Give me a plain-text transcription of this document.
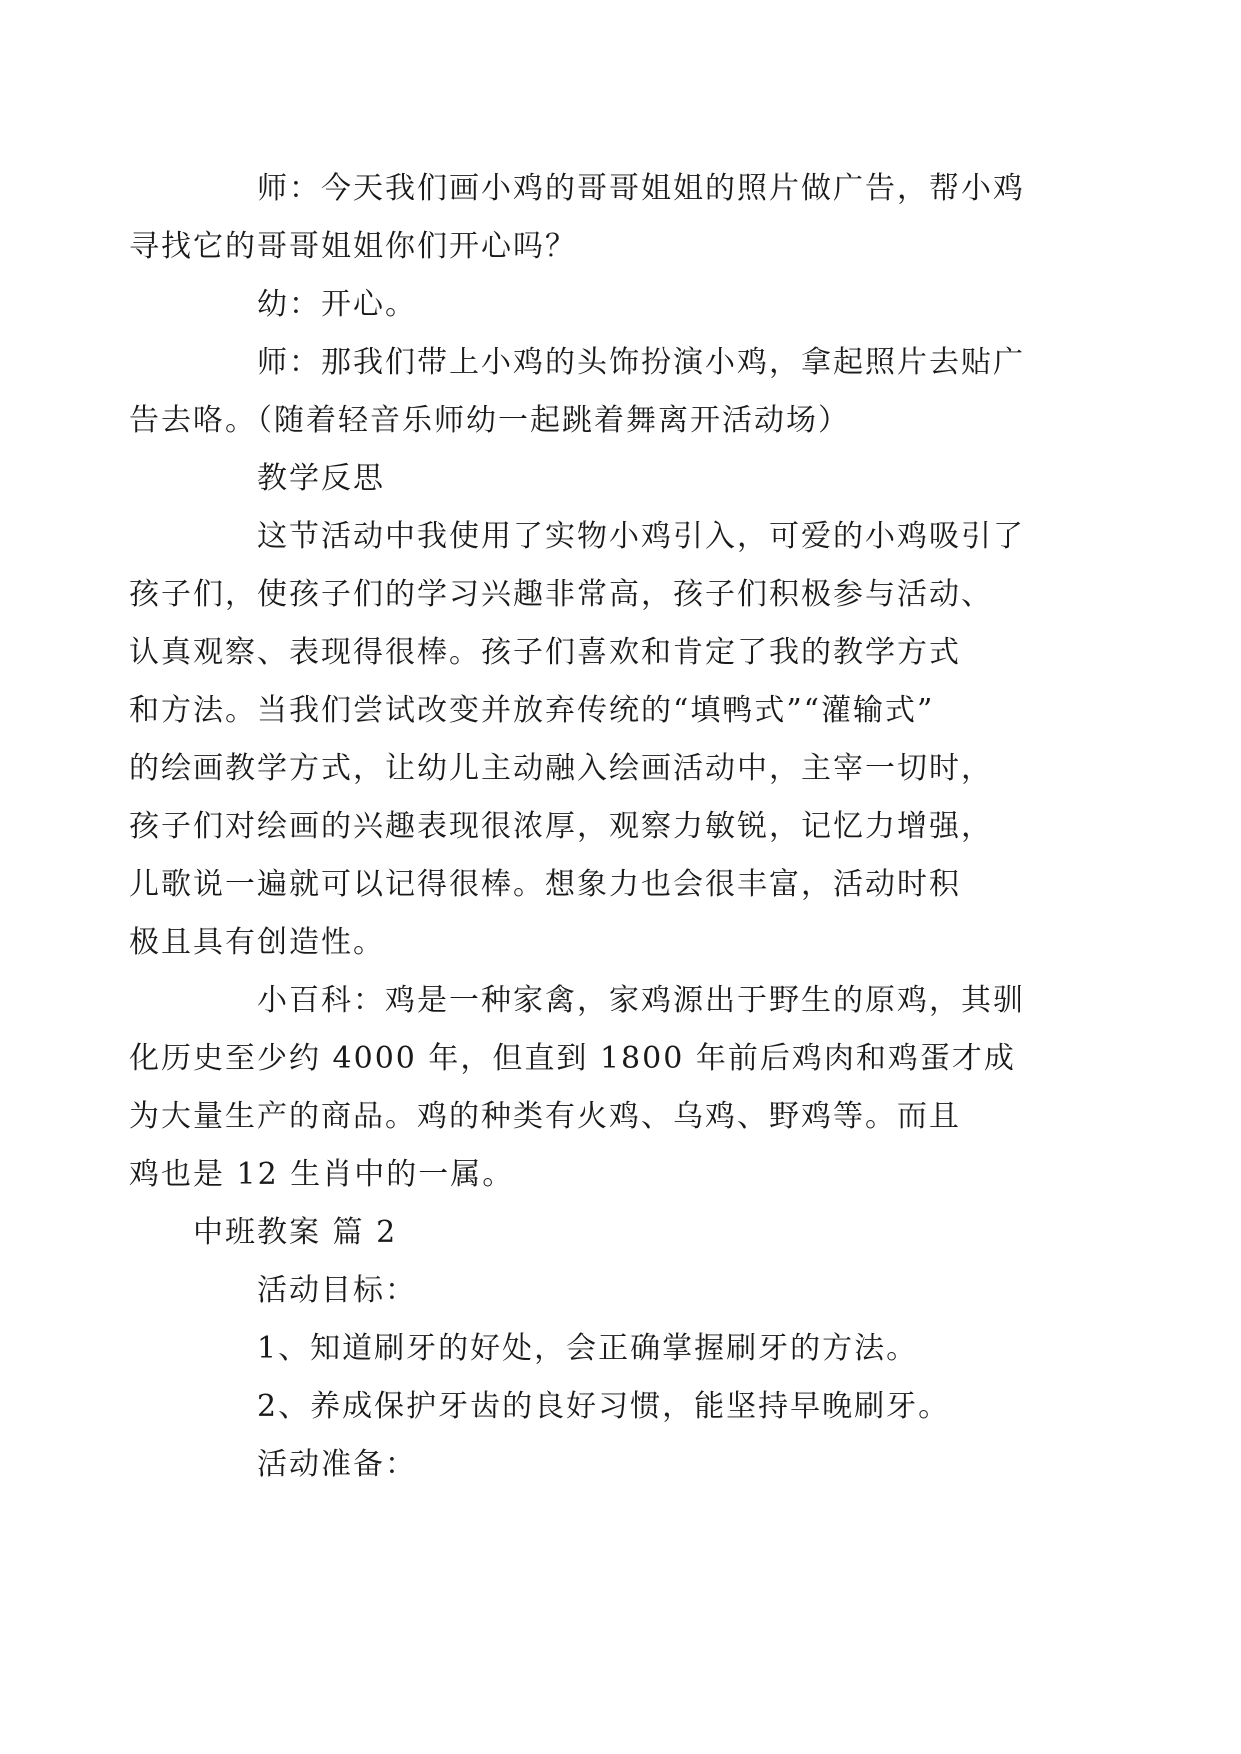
师：今天我们画小鸡的哥哥姐姐的照片做广告，帮小鸡
寻找它的哥哥姐姐你们开心吗？
幼：开心。
师：那我们带上小鸡的头饰扮演小鸡，拿起照片去贴广
告去咯。（随着轻音乐师幼一起跳着舞离开活动场）
教学反思
这节活动中我使用了实物小鸡引入，可爱的小鸡吸引了
孩子们，使孩子们的学习兴趣非常高，孩子们积极参与活动、
认真观察、表现得很棒。孩子们喜欢和肯定了我的教学方式
和方法。当我们尝试改变并放弃传统的“填鸭式”“灌输式”
的绘画教学方式，让幼儿主动融入绘画活动中，主宰一切时，
孩子们对绘画的兴趣表现很浓厚，观察力敏锐，记忆力增强，
儿歌说一遍就可以记得很棒。想象力也会很丰富，活动时积
极且具有创造性。
小百科：鸡是一种家禽，家鸡源出于野生的原鸡，其驯
化历史至少约 4000 年，但直到 1800 年前后鸡肉和鸡蛋才成
为大量生产的商品。鸡的种类有火鸡、乌鸡、野鸡等。而且
鸡也是 12 生肖中的一属。
中班教案 篇 2
活动目标：
1、知道刷牙的好处，会正确掌握刷牙的方法。
2、养成保护牙齿的良好习惯，能坚持早晚刷牙。
活动准备：
